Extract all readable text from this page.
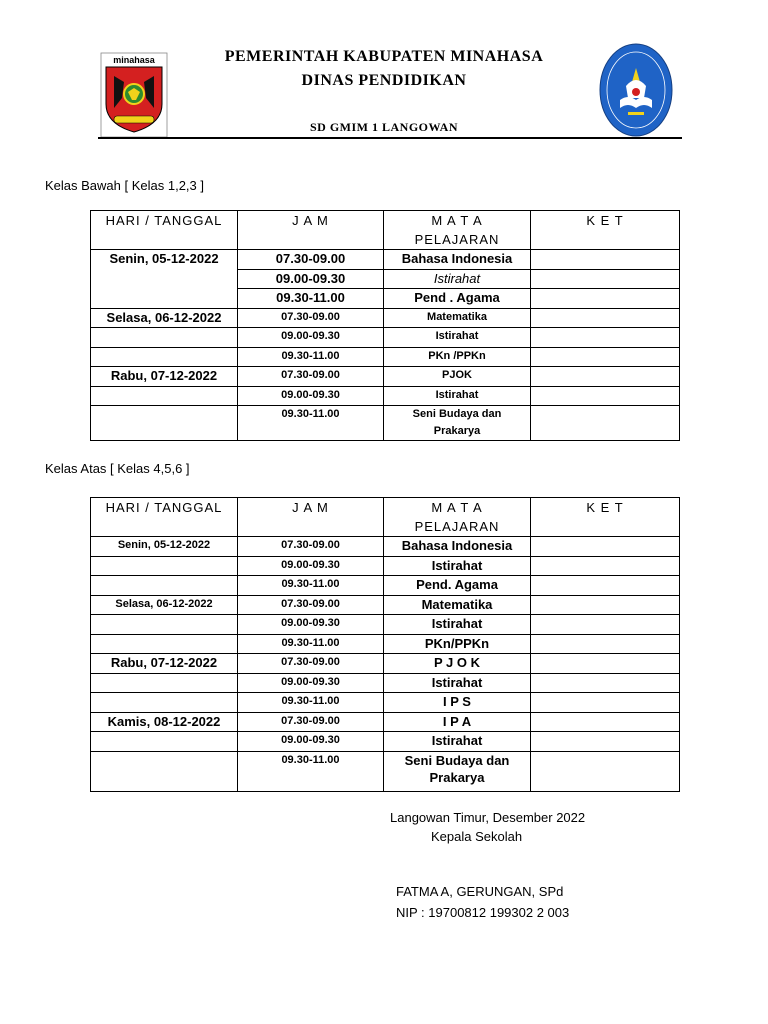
minahasa	PEMERINTAH KABUPATEN MINAHASA
DINAS PENDIDIKAN
SD GMIM 1 LANGOWAN
Kelas Bawah [ Kelas 1,2,3 ]
HARI / TANGGAL	J A M	M A T A PELAJARAN	K E T
Senin, 05-12-2022	07.30-09.00	Bahasa Indonesia	
	09.00-09.30	Istirahat	
	09.30-11.00	Pend . Agama	
Selasa, 06-12-2022	07.30-09.00	Matematika	
	09.00-09.30	Istirahat	
	09.30-11.00	PKn /PPKn	
Rabu, 07-12-2022	07.30-09.00	PJOK	
	09.00-09.30	Istirahat	
	09.30-11.00	Seni Budaya dan Prakarya	
Kelas Atas [ Kelas 4,5,6 ]
HARI / TANGGAL	J A M	M A T A PELAJARAN	K E T
Senin, 05-12-2022	07.30-09.00	Bahasa Indonesia	
	09.00-09.30	Istirahat	
	09.30-11.00	Pend. Agama	
Selasa, 06-12-2022	07.30-09.00	Matematika	
	09.00-09.30	Istirahat	
	09.30-11.00	PKn/PPKn	
Rabu, 07-12-2022	07.30-09.00	P J O K	
	09.00-09.30	Istirahat	
	09.30-11.00	I P S	
Kamis, 08-12-2022	07.30-09.00	I P A	
	09.00-09.30	Istirahat	
	09.30-11.00	Seni Budaya dan Prakarya	
Langowan Timur, Desember 2022
Kepala Sekolah
FATMA A, GERUNGAN, SPd
NIP : 19700812 199302 2 003
